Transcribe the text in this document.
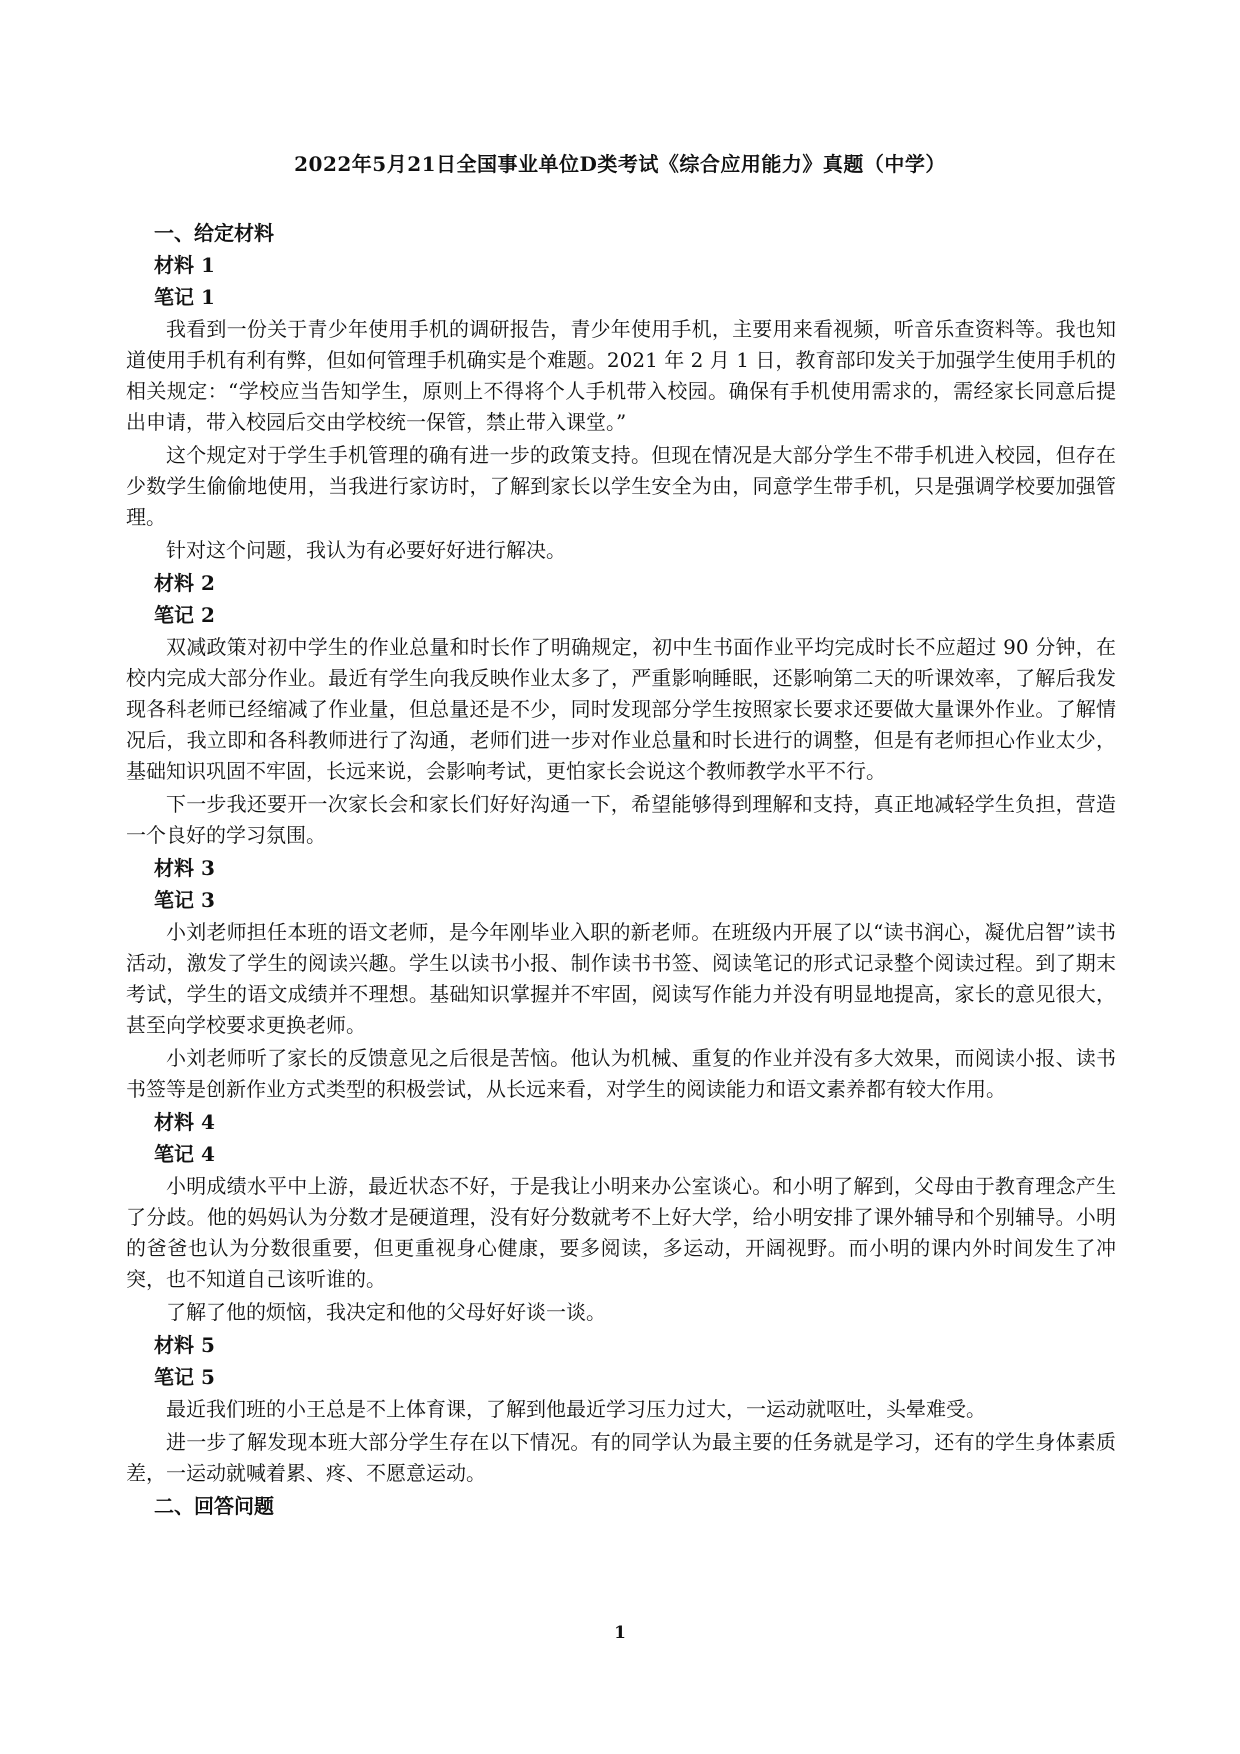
2022年5月21日全国事业单位D类考试《综合应用能力》真题（中学）
一、给定材料
材料 1
笔记 1
我看到一份关于青少年使用手机的调研报告，青少年使用手机，主要用来看视频，听音乐查资料等。我也知道使用手机有利有弊，但如何管理手机确实是个难题。2021 年 2 月 1 日，教育部印发关于加强学生使用手机的相关规定：“学校应当告知学生，原则上不得将个人手机带入校园。确保有手机使用需求的，需经家长同意后提出申请，带入校园后交由学校统一保管，禁止带入课堂。”
这个规定对于学生手机管理的确有进一步的政策支持。但现在情况是大部分学生不带手机进入校园，但存在少数学生偷偷地使用，当我进行家访时，了解到家长以学生安全为由，同意学生带手机，只是强调学校要加强管理。
针对这个问题，我认为有必要好好进行解决。
材料 2
笔记 2
双减政策对初中学生的作业总量和时长作了明确规定，初中生书面作业平均完成时长不应超过 90 分钟，在校内完成大部分作业。最近有学生向我反映作业太多了，严重影响睡眠，还影响第二天的听课效率，了解后我发现各科老师已经缩减了作业量，但总量还是不少，同时发现部分学生按照家长要求还要做大量课外作业。了解情况后，我立即和各科教师进行了沟通，老师们进一步对作业总量和时长进行的调整，但是有老师担心作业太少，基础知识巩固不牢固，长远来说，会影响考试，更怕家长会说这个教师教学水平不行。
下一步我还要开一次家长会和家长们好好沟通一下，希望能够得到理解和支持，真正地减轻学生负担，营造一个良好的学习氛围。
材料 3
笔记 3
小刘老师担任本班的语文老师，是今年刚毕业入职的新老师。在班级内开展了以“读书润心，凝优启智”读书活动，激发了学生的阅读兴趣。学生以读书小报、制作读书书签、阅读笔记的形式记录整个阅读过程。到了期末考试，学生的语文成绩并不理想。基础知识掌握并不牢固，阅读写作能力并没有明显地提高，家长的意见很大，甚至向学校要求更换老师。
小刘老师听了家长的反馈意见之后很是苦恼。他认为机械、重复的作业并没有多大效果，而阅读小报、读书书签等是创新作业方式类型的积极尝试，从长远来看，对学生的阅读能力和语文素养都有较大作用。
材料 4
笔记 4
小明成绩水平中上游，最近状态不好，于是我让小明来办公室谈心。和小明了解到，父母由于教育理念产生了分歧。他的妈妈认为分数才是硬道理，没有好分数就考不上好大学，给小明安排了课外辅导和个别辅导。小明的爸爸也认为分数很重要，但更重视身心健康，要多阅读，多运动，开阔视野。而小明的课内外时间发生了冲突，也不知道自己该听谁的。
了解了他的烦恼，我决定和他的父母好好谈一谈。
材料 5
笔记 5
最近我们班的小王总是不上体育课，了解到他最近学习压力过大，一运动就呕吐，头晕难受。
进一步了解发现本班大部分学生存在以下情况。有的同学认为最主要的任务就是学习，还有的学生身体素质差，一运动就喊着累、疼、不愿意运动。
二、回答问题
1
